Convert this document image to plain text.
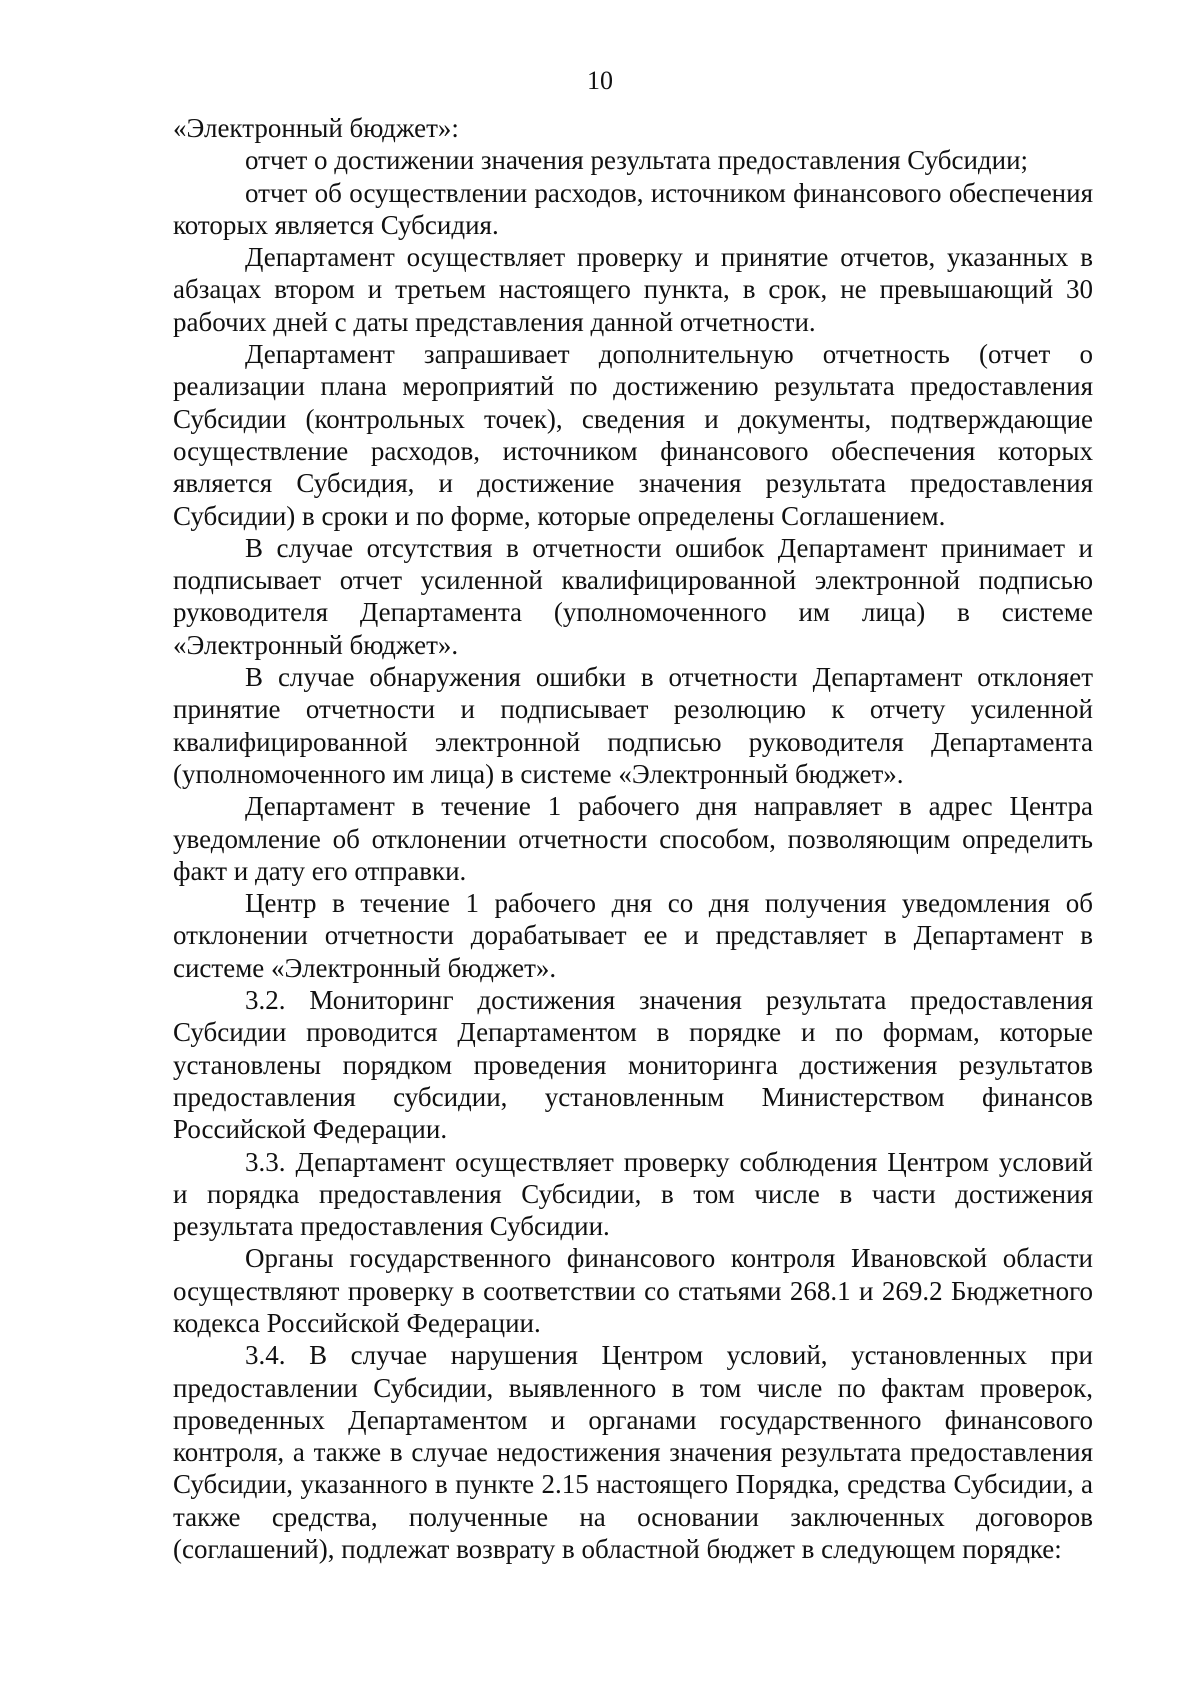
10

«Электронный бюджет»:

отчет о достижении значения результата предоставления Субсидии;

отчет об осуществлении расходов, источником финансового обеспечения которых является Субсидия.

Департамент осуществляет проверку и принятие отчетов, указанных в абзацах втором и третьем настоящего пункта, в срок, не превышающий 30 рабочих дней с даты представления данной отчетности.

Департамент запрашивает дополнительную отчетность (отчет о реализации плана мероприятий по достижению результата предоставления Субсидии (контрольных точек), сведения и документы, подтверждающие осуществление расходов, источником финансового обеспечения которых является Субсидия, и достижение значения результата предоставления Субсидии) в сроки и по форме, которые определены Соглашением.

В случае отсутствия в отчетности ошибок Департамент принимает и подписывает отчет усиленной квалифицированной электронной подписью руководителя Департамента (уполномоченного им лица) в системе «Электронный бюджет».

В случае обнаружения ошибки в отчетности Департамент отклоняет принятие отчетности и подписывает резолюцию к отчету усиленной квалифицированной электронной подписью руководителя Департамента (уполномоченного им лица) в системе «Электронный бюджет».

Департамент в течение 1 рабочего дня направляет в адрес Центра уведомление об отклонении отчетности способом, позволяющим определить факт и дату его отправки.

Центр в течение 1 рабочего дня со дня получения уведомления об отклонении отчетности дорабатывает ее и представляет в Департамент в системе «Электронный бюджет».

3.2. Мониторинг достижения значения результата предоставления Субсидии проводится Департаментом в порядке и по формам, которые установлены порядком проведения мониторинга достижения результатов предоставления субсидии, установленным Министерством финансов Российской Федерации.

3.3. Департамент осуществляет проверку соблюдения Центром условий и порядка предоставления Субсидии, в том числе в части достижения результата предоставления Субсидии.

Органы государственного финансового контроля Ивановской области осуществляют проверку в соответствии со статьями 268.1 и 269.2 Бюджетного кодекса Российской Федерации.

3.4. В случае нарушения Центром условий, установленных при предоставлении Субсидии, выявленного в том числе по фактам проверок, проведенных Департаментом и органами государственного финансового контроля, а также в случае недостижения значения результата предоставления Субсидии, указанного в пункте 2.15 настоящего Порядка, средства Субсидии, а также средства, полученные на основании заключенных договоров (соглашений), подлежат возврату в областной бюджет в следующем порядке:
